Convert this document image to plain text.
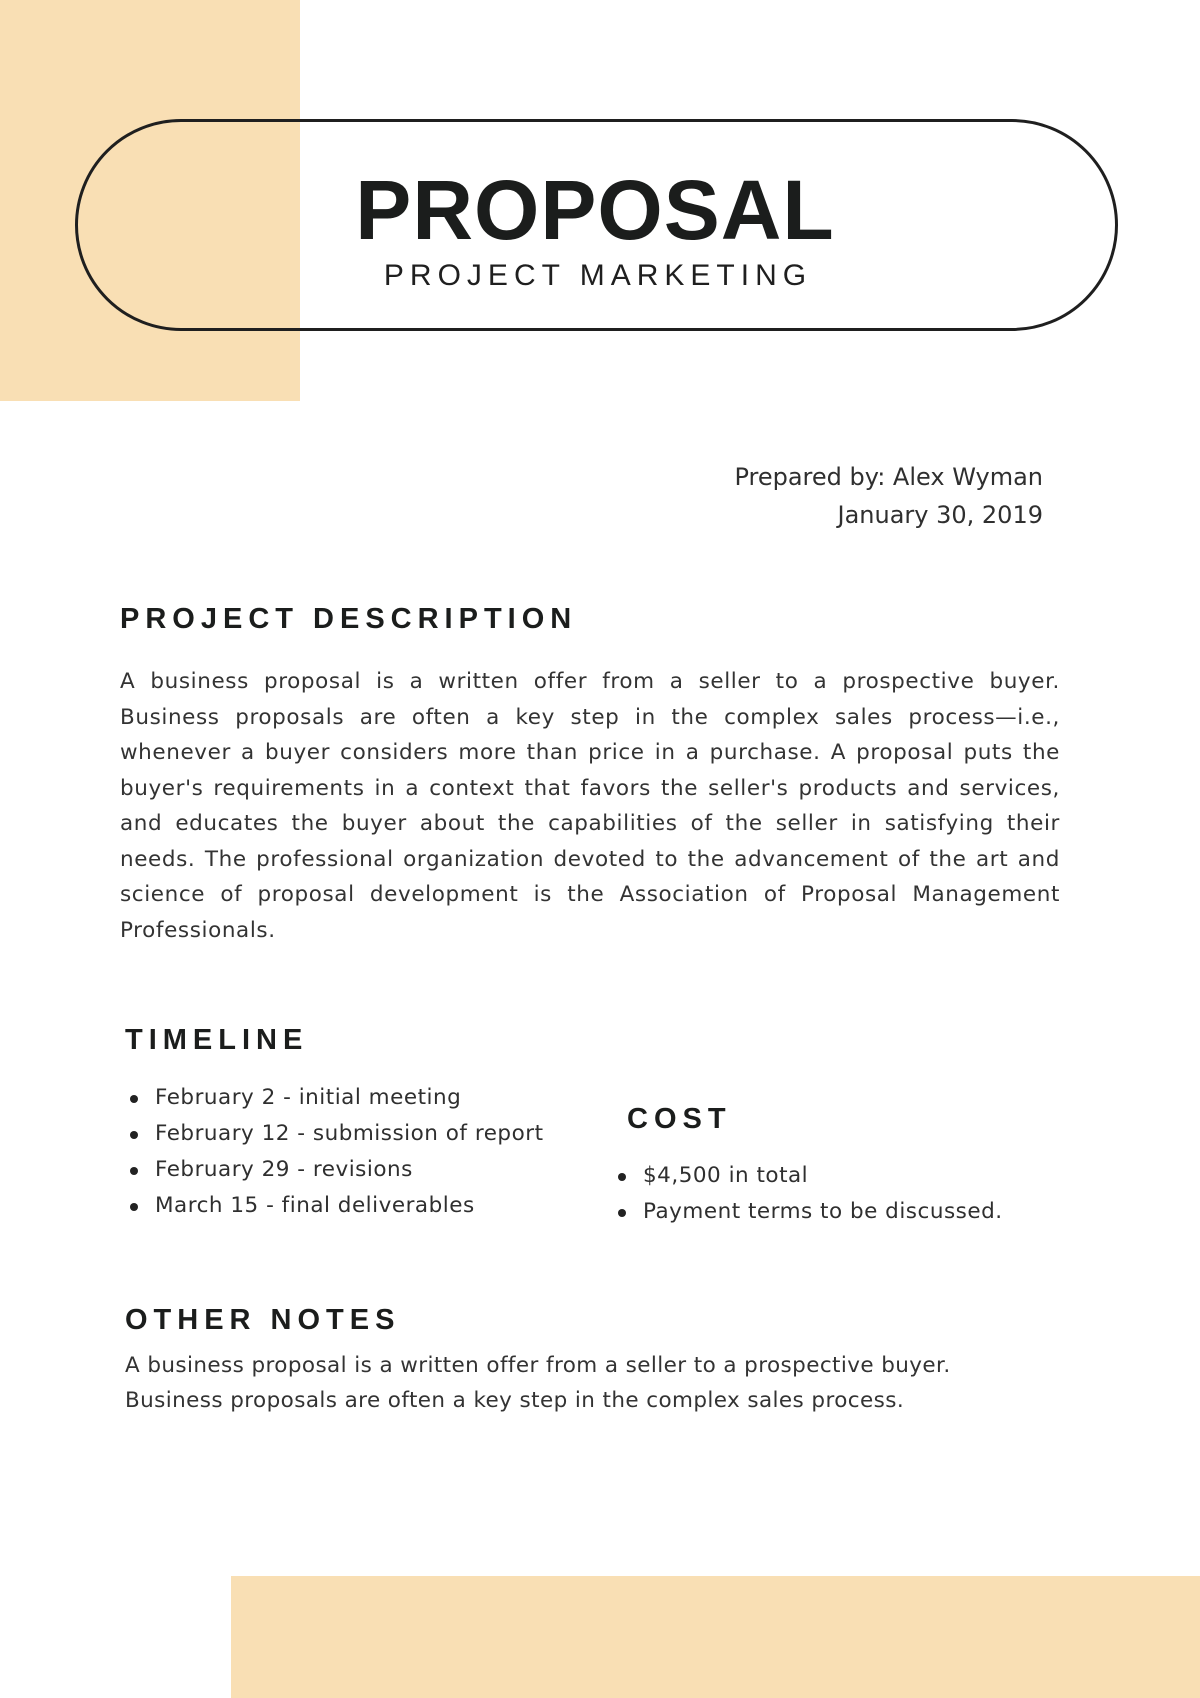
PROPOSAL
PROJECT MARKETING
Prepared by: Alex Wyman
January 30, 2019
PROJECT DESCRIPTION

A business proposal is a written offer from a seller to a prospective buyer. Business proposals are often a key step in the complex sales process—i.e., whenever a buyer considers more than price in a purchase. A proposal puts the buyer's requirements in a context that favors the seller's products and services, and educates the buyer about the capabilities of the seller in satisfying their needs. The professional organization devoted to the advancement of the art and science of proposal development is the Association of Proposal Management Professionals.

TIMELINE
February 2 - initial meeting
February 12 - submission of report
February 29 - revisions
March 15 - final deliverables
COST
$4,500 in total
Payment terms to be discussed.
OTHER NOTES

A business proposal is a written offer from a seller to a prospective buyer. Business proposals are often a key step in the complex sales process.
